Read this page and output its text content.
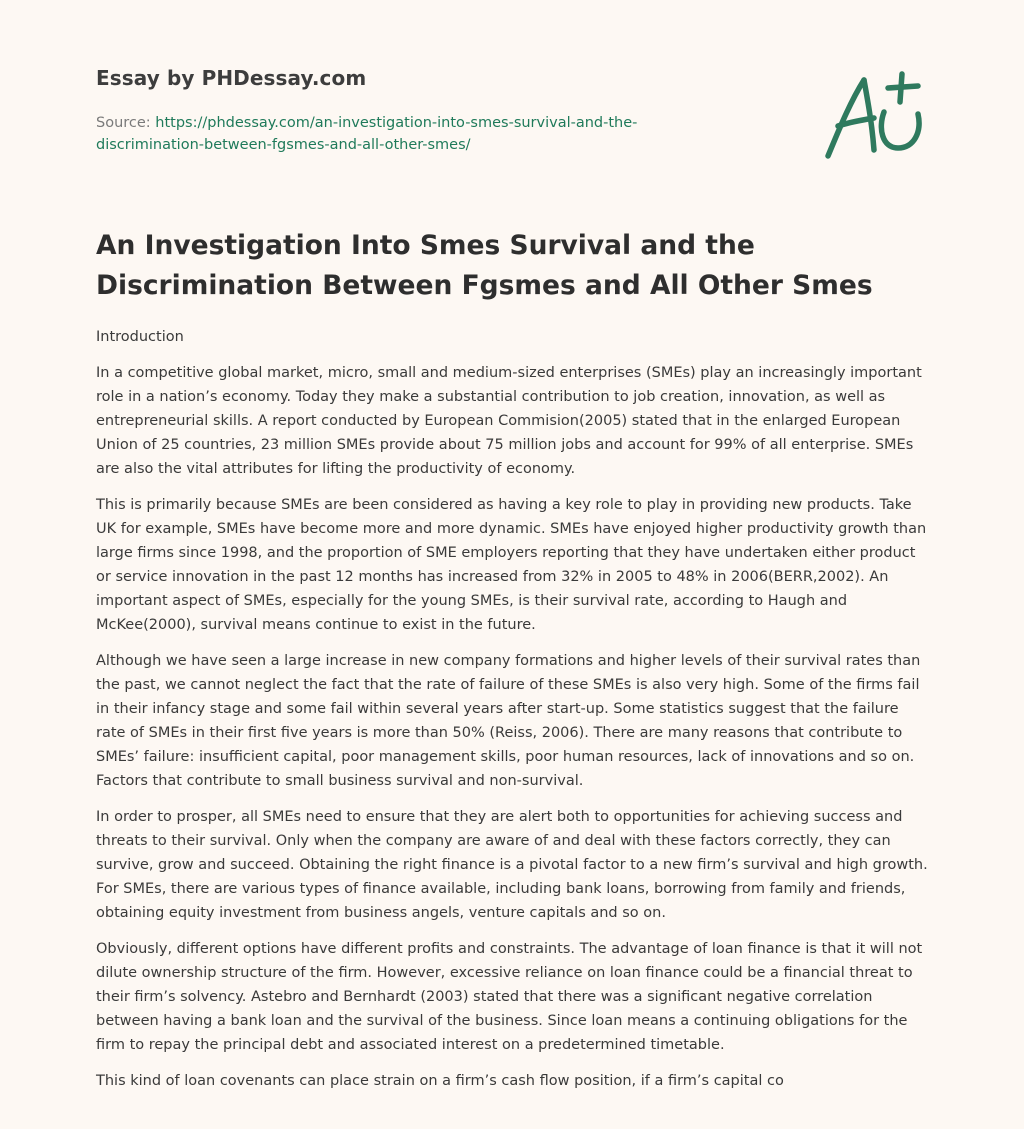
Essay by PHDessay.com
Source: https://phdessay.com/an-investigation-into-smes-survival-and-the-
discrimination-between-fgsmes-and-all-other-smes/
An Investigation Into Smes Survival and the
Discrimination Between Fgsmes and All Other Smes

Introduction

In a competitive global market, micro, small and medium-sized enterprises (SMEs) play an increasingly important role in a nation’s economy. Today they make a substantial contribution to job creation, innovation, as well as entrepreneurial skills. A report conducted by European Commision(2005) stated that in the enlarged European Union of 25 countries, 23 million SMEs provide about 75 million jobs and account for 99% of all enterprise. SMEs are also the vital attributes for lifting the productivity of economy.

This is primarily because SMEs are been considered as having a key role to play in providing new products. Take UK for example, SMEs have become more and more dynamic. SMEs have enjoyed higher productivity growth than large firms since 1998, and the proportion of SME employers reporting that they have undertaken either product or service innovation in the past 12 months has increased from 32% in 2005 to 48% in 2006(BERR,2002). An important aspect of SMEs, especially for the young SMEs, is their survival rate, according to Haugh and McKee(2000), survival means continue to exist in the future.

Although we have seen a large increase in new company formations and higher levels of their survival rates than the past, we cannot neglect the fact that the rate of failure of these SMEs is also very high. Some of the firms fail in their infancy stage and some fail within several years after start-up. Some statistics suggest that the failure rate of SMEs in their first five years is more than 50% (Reiss, 2006). There are many reasons that contribute to SMEs’ failure: insufficient capital, poor management skills, poor human resources, lack of innovations and so on. Factors that contribute to small business survival and non-survival.

In order to prosper, all SMEs need to ensure that they are alert both to opportunities for achieving success and threats to their survival. Only when the company are aware of and deal with these factors correctly, they can survive, grow and succeed. Obtaining the right finance is a pivotal factor to a new firm’s survival and high growth. For SMEs, there are various types of finance available, including bank loans, borrowing from family and friends, obtaining equity investment from business angels, venture capitals and so on.

Obviously, different options have different profits and constraints. The advantage of loan finance is that it will not dilute ownership structure of the firm. However, excessive reliance on loan finance could be a financial threat to their firm’s solvency. Astebro and Bernhardt (2003) stated that there was a significant negative correlation between having a bank loan and the survival of the business. Since loan means a continuing obligations for the firm to repay the principal debt and associated interest on a predetermined timetable.

This kind of loan covenants can place strain on a firm’s cash flow position, if a firm’s capital co
